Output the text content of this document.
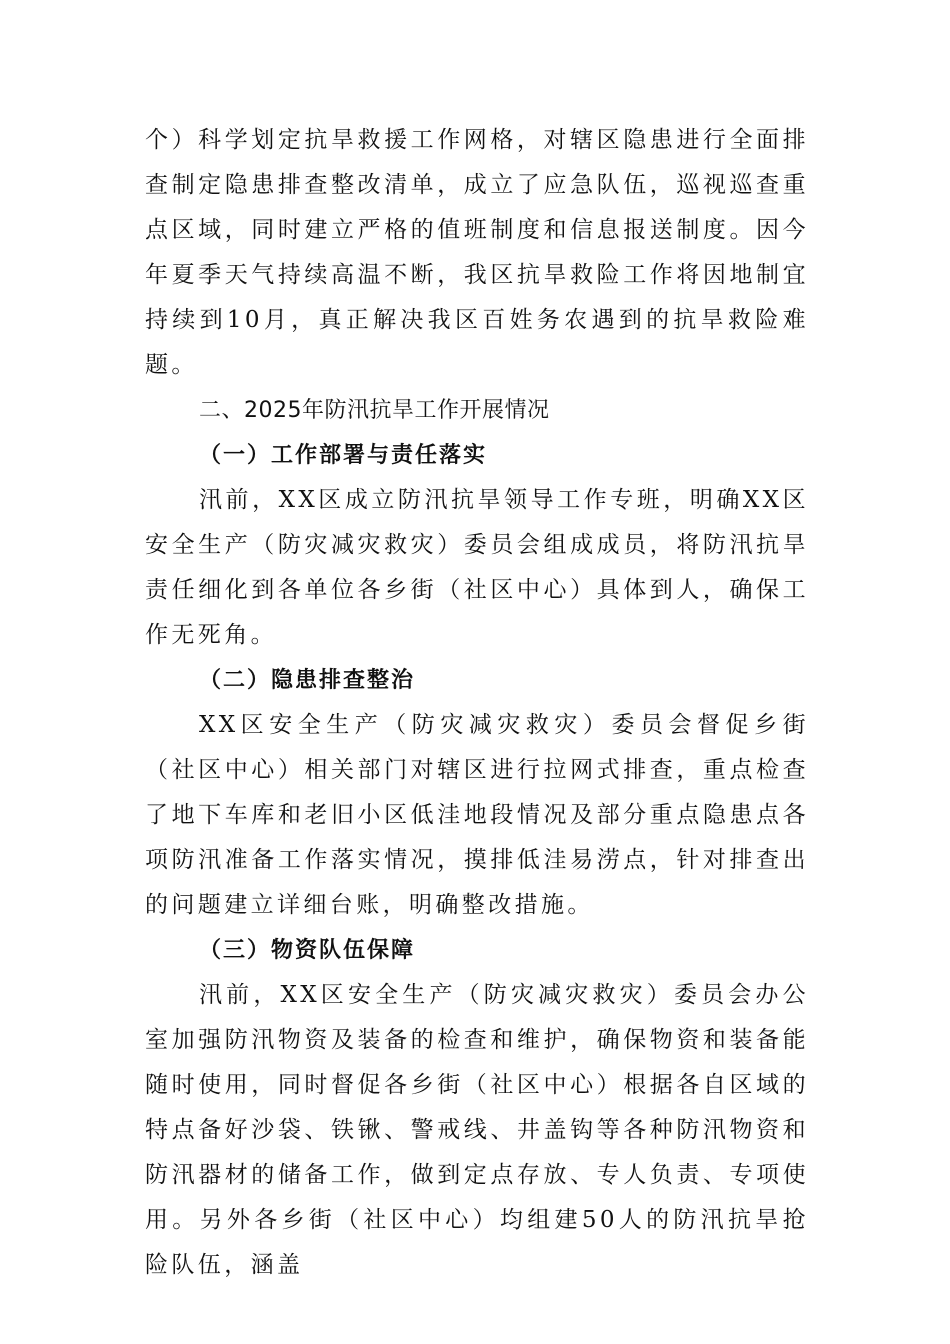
个）科学划定抗旱救援工作网格，对辖区隐患进行全面排查制定隐患排查整改清单，成立了应急队伍，巡视巡查重点区域，同时建立严格的值班制度和信息报送制度。因今年夏季天气持续高温不断，我区抗旱救险工作将因地制宜持续到10月，真正解决我区百姓务农遇到的抗旱救险难题。

二、2025年防汛抗旱工作开展情况
（一）工作部署与责任落实

汛前，XX区成立防汛抗旱领导工作专班，明确XX区安全生产（防灾减灾救灾）委员会组成成员，将防汛抗旱责任细化到各单位各乡街（社区中心）具体到人，确保工作无死角。

（二）隐患排查整治

XX区安全生产（防灾减灾救灾）委员会督促乡街（社区中心）相关部门对辖区进行拉网式排查，重点检查了地下车库和老旧小区低洼地段情况及部分重点隐患点各项防汛准备工作落实情况，摸排低洼易涝点，针对排查出的问题建立详细台账，明确整改措施。

（三）物资队伍保障

汛前，XX区安全生产（防灾减灾救灾）委员会办公室加强防汛物资及装备的检查和维护，确保物资和装备能随时使用，同时督促各乡街（社区中心）根据各自区域的特点备好沙袋、铁锹、警戒线、井盖钩等各种防汛物资和防汛器材的储备工作，做到定点存放、专人负责、专项使用。另外各乡街（社区中心）均组建50人的防汛抗旱抢险队伍，涵盖
